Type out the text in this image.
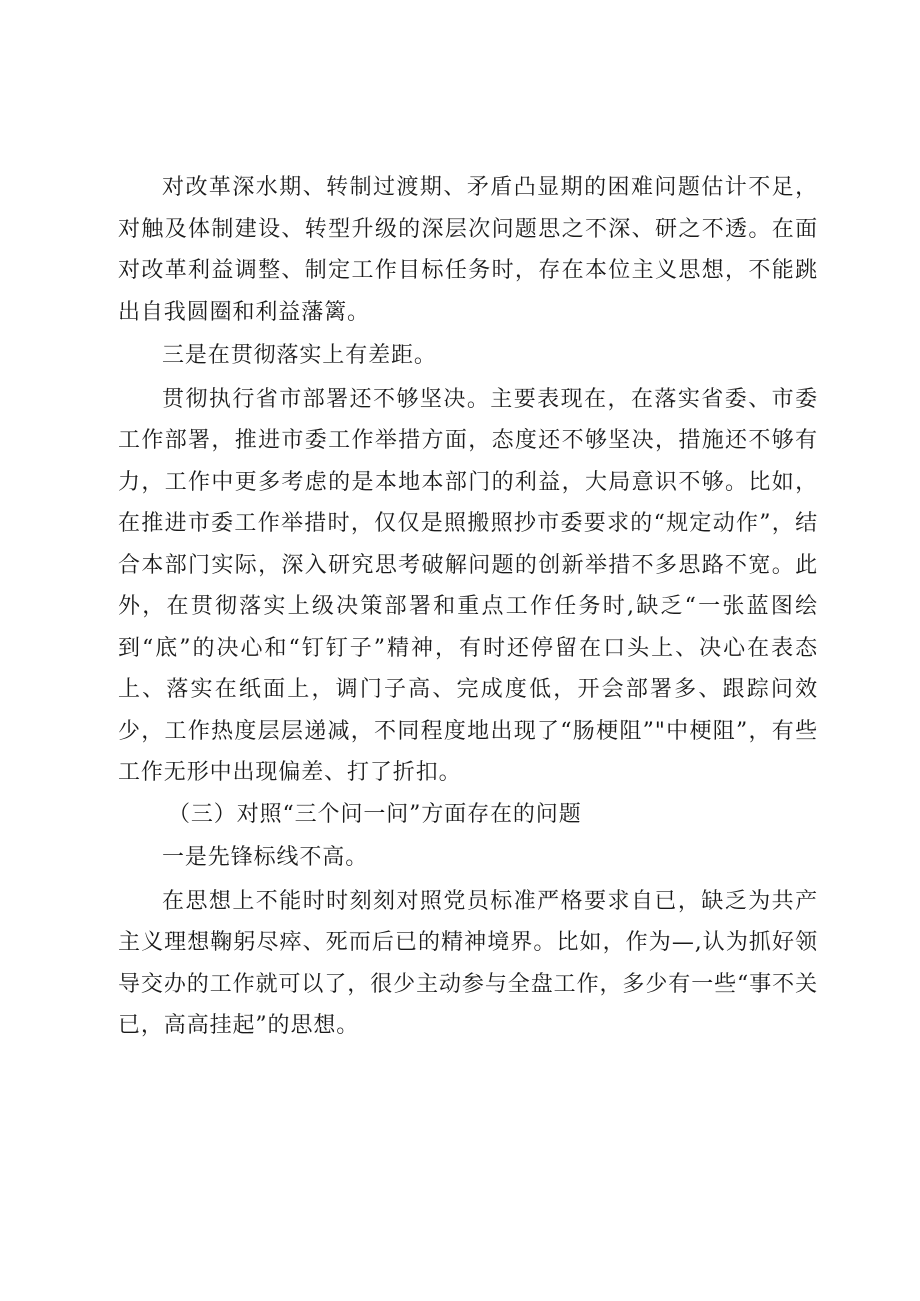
对改革深水期、转制过渡期、矛盾凸显期的困难问题估计不足，对触及体制建设、转型升级的深层次问题思之不深、研之不透。在面对改革利益调整、制定工作目标任务时，存在本位主义思想，不能跳出自我圆圈和利益藩篱。

三是在贯彻落实上有差距。

贯彻执行省市部署还不够坚决。主要表现在，在落实省委、市委工作部署，推进市委工作举措方面，态度还不够坚决，措施还不够有力，工作中更多考虑的是本地本部门的利益，大局意识不够。比如，在推进市委工作举措时，仅仅是照搬照抄市委要求的“规定动作”，结合本部门实际，深入研究思考破解问题的创新举措不多思路不宽。此外，在贯彻落实上级决策部署和重点工作任务时,缺乏“一张蓝图绘到“底”的决心和“钉钉子”精神，有时还停留在口头上、决心在表态上、落实在纸面上，调门子高、完成度低，开会部署多、跟踪问效少，工作热度层层递减，不同程度地出现了“肠梗阻”"中梗阻”，有些工作无形中出现偏差、打了折扣。

（三）对照“三个问一问”方面存在的问题

一是先锋标线不高。

在思想上不能时时刻刻对照党员标准严格要求自已，缺乏为共产主义理想鞠躬尽瘁、死而后已的精神境界。比如，作为—,认为抓好领导交办的工作就可以了，很少主动参与全盘工作，多少有一些“事不关已，高高挂起”的思想。
